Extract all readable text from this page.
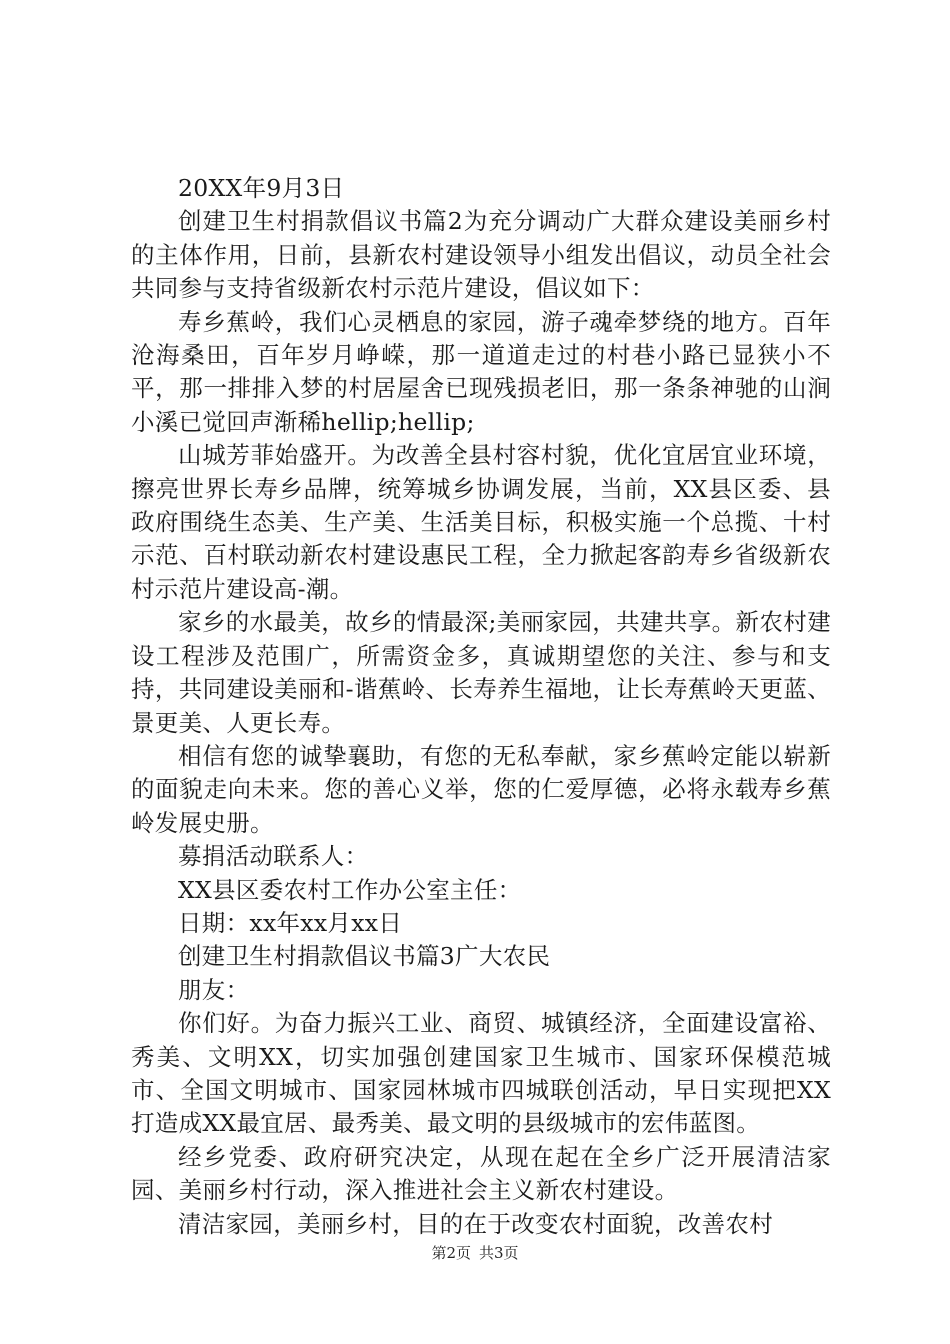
20XX年9月3日

创建卫生村捐款倡议书篇2为充分调动广大群众建设美丽乡村的主体作用，日前，县新农村建设领导小组发出倡议，动员全社会共同参与支持省级新农村示范片建设，倡议如下：

寿乡蕉岭，我们心灵栖息的家园，游子魂牵梦绕的地方。百年沧海桑田，百年岁月峥嵘，那一道道走过的村巷小路已显狭小不平，那一排排入梦的村居屋舍已现残损老旧，那一条条神驰的山涧小溪已觉回声渐稀hellip;hellip;

山城芳菲始盛开。为改善全县村容村貌，优化宜居宜业环境，擦亮世界长寿乡品牌，统筹城乡协调发展，当前，XX县区委、县政府围绕生态美、生产美、生活美目标，积极实施一个总揽、十村示范、百村联动新农村建设惠民工程，全力掀起客韵寿乡省级新农村示范片建设高-潮。

家乡的水最美，故乡的情最深;美丽家园，共建共享。新农村建设工程涉及范围广，所需资金多，真诚期望您的关注、参与和支持，共同建设美丽和-谐蕉岭、长寿养生福地，让长寿蕉岭天更蓝、景更美、人更长寿。

相信有您的诚挚襄助，有您的无私奉献，家乡蕉岭定能以崭新的面貌走向未来。您的善心义举，您的仁爱厚德，必将永载寿乡蕉岭发展史册。

募捐活动联系人：

XX县区委农村工作办公室主任：

日期：xx年xx月xx日

创建卫生村捐款倡议书篇3广大农民

朋友：

你们好。为奋力振兴工业、商贸、城镇经济，全面建设富裕、秀美、文明XX，切实加强创建国家卫生城市、国家环保模范城市、全国文明城市、国家园林城市四城联创活动，早日实现把XX打造成XX最宜居、最秀美、最文明的县级城市的宏伟蓝图。

经乡党委、政府研究决定，从现在起在全乡广泛开展清洁家园、美丽乡村行动，深入推进社会主义新农村建设。

清洁家园，美丽乡村，目的在于改变农村面貌，改善农村

第2页 共3页
